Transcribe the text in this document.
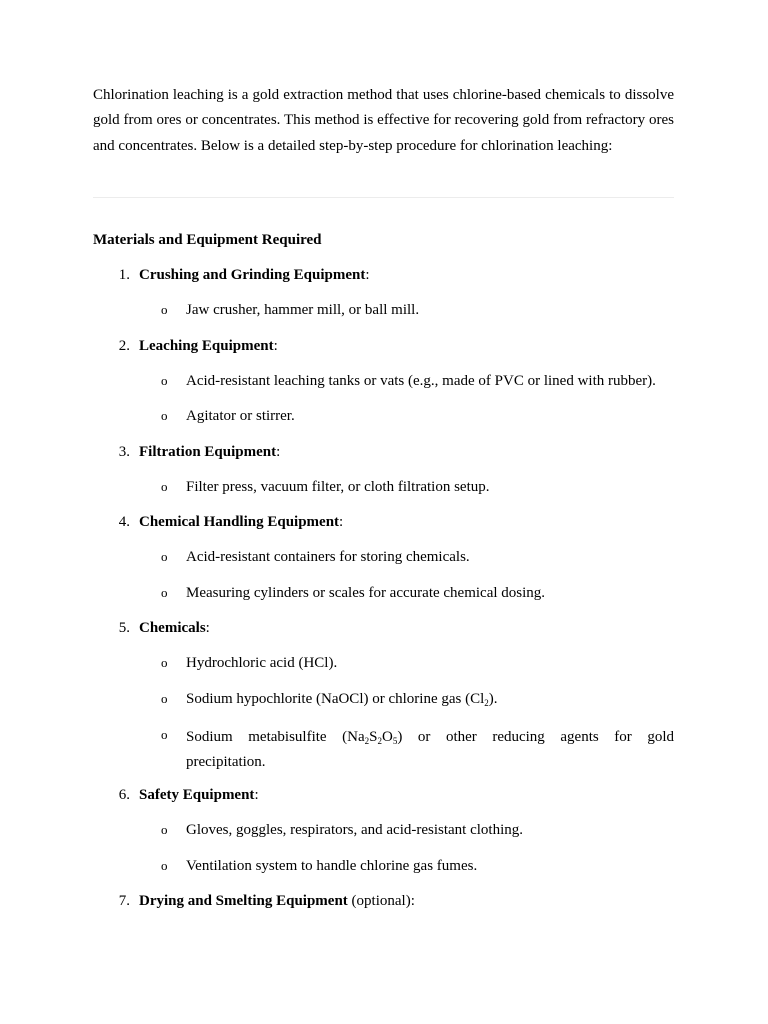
Chlorination leaching is a gold extraction method that uses chlorine-based chemicals to dissolve gold from ores or concentrates. This method is effective for recovering gold from refractory ores and concentrates. Below is a detailed step-by-step procedure for chlorination leaching:

Materials and Equipment Required

1. Crushing and Grinding Equipment:
o Jaw crusher, hammer mill, or ball mill.
2. Leaching Equipment:
o Acid-resistant leaching tanks or vats (e.g., made of PVC or lined with rubber).
o Agitator or stirrer.
3. Filtration Equipment:
o Filter press, vacuum filter, or cloth filtration setup.
4. Chemical Handling Equipment:
o Acid-resistant containers for storing chemicals.
o Measuring cylinders or scales for accurate chemical dosing.
5. Chemicals:
o Hydrochloric acid (HCl).
o Sodium hypochlorite (NaOCl) or chlorine gas $(Cl_2)$.
o Sodium metabisulfite $(Na_2S_2O_5)$ or other reducing agents for gold
precipitation.
6. Safety Equipment:
o Gloves, goggles, respirators, and acid-resistant clothing.
o Ventilation system to handle chlorine gas fumes.
7. Drying and Smelting Equipment (optional):
